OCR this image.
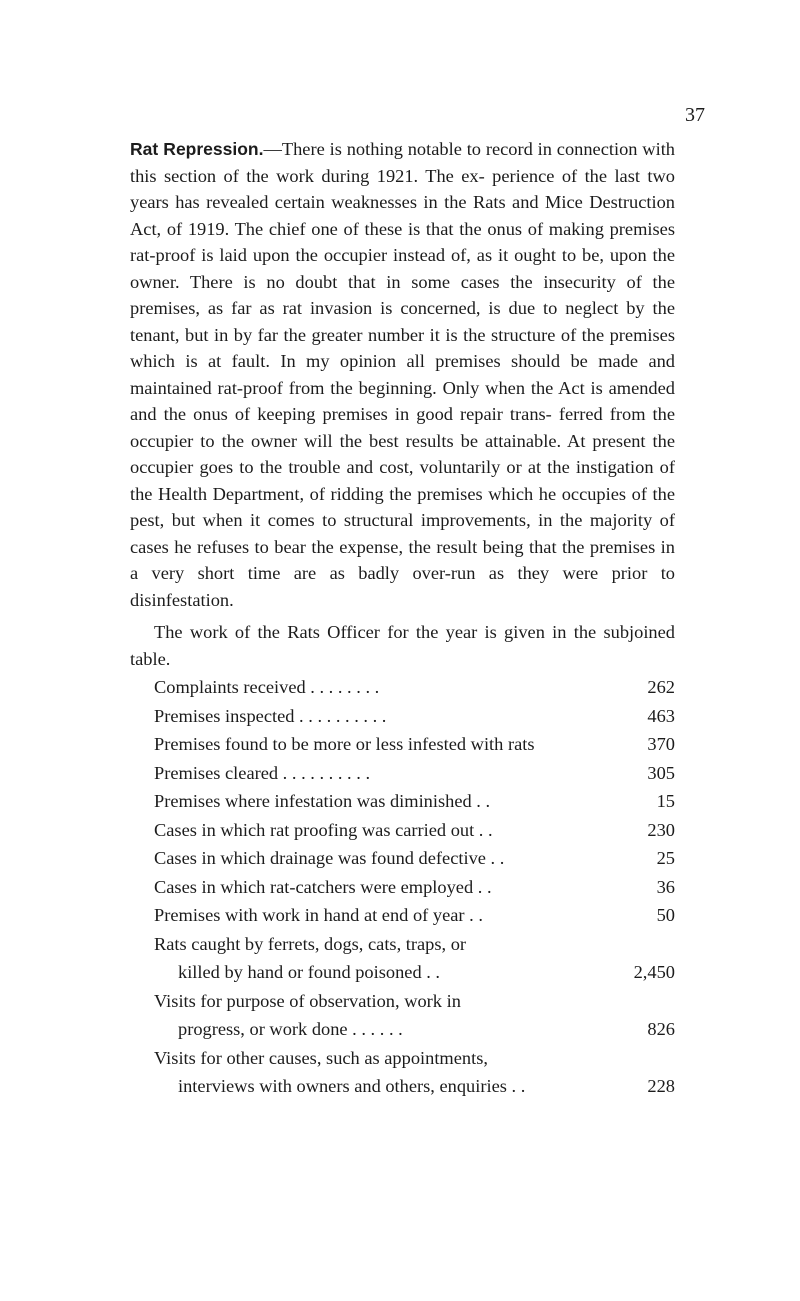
37

Rat Repression.—There is nothing notable to record in connection with this section of the work during 1921. The ex- perience of the last two years has revealed certain weaknesses in the Rats and Mice Destruction Act, of 1919. The chief one of these is that the onus of making premises rat-proof is laid upon the occupier instead of, as it ought to be, upon the owner. There is no doubt that in some cases the insecurity of the premises, as far as rat invasion is concerned, is due to neglect by the tenant, but in by far the greater number it is the structure of the premises which is at fault. In my opinion all premises should be made and maintained rat-proof from the beginning. Only when the Act is amended and the onus of keeping premises in good repair trans- ferred from the occupier to the owner will the best results be attainable. At present the occupier goes to the trouble and cost, voluntarily or at the instigation of the Health Department, of ridding the premises which he occupies of the pest, but when it comes to structural improvements, in the majority of cases he refuses to bear the expense, the result being that the premises in a very short time are as badly over-run as they were prior to disinfestation.

The work of the Rats Officer for the year is given in the subjoined table.

Complaints received . . . . . . . .	262
Premises inspected . . . . . . . . . .	463
Premises found to be more or less infested with rats	370
Premises cleared . . . . . . . . . .	305
Premises where infestation was diminished . .	15
Cases in which rat proofing was carried out . .	230
Cases in which drainage was found defective . .	25
Cases in which rat-catchers were employed . .	36
Premises with work in hand at end of year . .	50
Rats caught by ferrets, dogs, cats, traps, or
killed by hand or found poisoned . .	2,450
Visits for purpose of observation, work in
progress, or work done . . . . . .	826
Visits for other causes, such as appointments,
interviews with owners and others, enquiries . .	228
